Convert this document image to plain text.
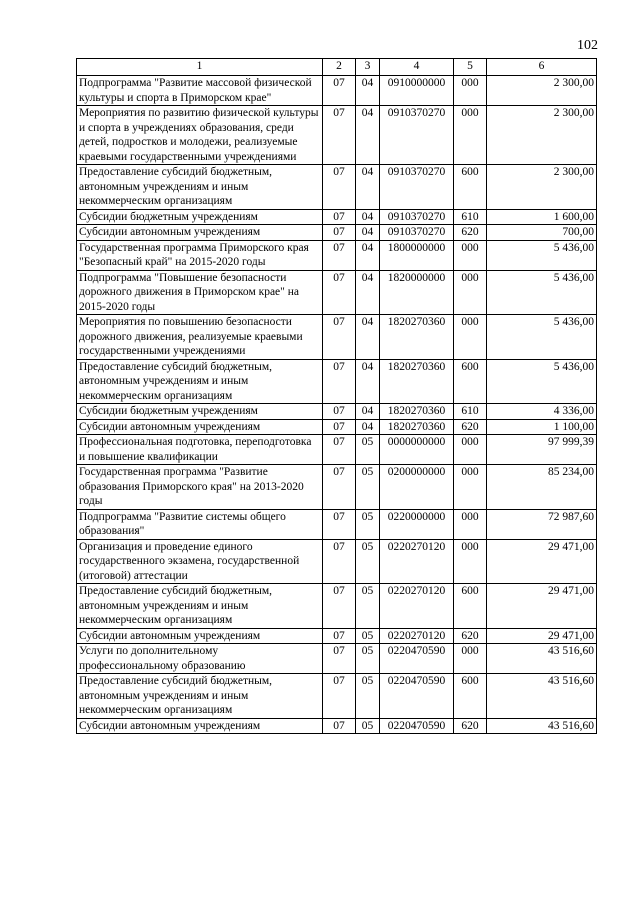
102
1	2	3	4	5	6
Подпрограмма "Развитие массовой физической культуры и спорта в Приморском крае"	07	04	0910000000	000	2 300,00
Мероприятия по развитию физической культуры и спорта в учреждениях образования, среди детей, подростков и молодежи, реализуемые краевыми государственными учреждениями	07	04	0910370270	000	2 300,00
Предоставление субсидий бюджетным, автономным учреждениям и иным некоммерческим организациям	07	04	0910370270	600	2 300,00
Субсидии бюджетным учреждениям	07	04	0910370270	610	1 600,00
Субсидии автономным учреждениям	07	04	0910370270	620	700,00
Государственная программа Приморского края "Безопасный край" на 2015-2020 годы	07	04	1800000000	000	5 436,00
Подпрограмма "Повышение безопасности дорожного движения в Приморском крае" на 2015-2020 годы	07	04	1820000000	000	5 436,00
Мероприятия по повышению безопасности дорожного движения, реализуемые краевыми государственными учреждениями	07	04	1820270360	000	5 436,00
Предоставление субсидий бюджетным, автономным учреждениям и иным некоммерческим организациям	07	04	1820270360	600	5 436,00
Субсидии бюджетным учреждениям	07	04	1820270360	610	4 336,00
Субсидии автономным учреждениям	07	04	1820270360	620	1 100,00
Профессиональная подготовка, переподготовка и повышение квалификации	07	05	0000000000	000	97 999,39
Государственная программа "Развитие образования Приморского края" на 2013-2020 годы	07	05	0200000000	000	85 234,00
Подпрограмма "Развитие системы общего образования"	07	05	0220000000	000	72 987,60
Организация и проведение единого государственного экзамена, государственной (итоговой) аттестации	07	05	0220270120	000	29 471,00
Предоставление субсидий бюджетным, автономным учреждениям и иным некоммерческим организациям	07	05	0220270120	600	29 471,00
Субсидии автономным учреждениям	07	05	0220270120	620	29 471,00
Услуги по дополнительному профессиональному образованию	07	05	0220470590	000	43 516,60
Предоставление субсидий бюджетным, автономным учреждениям и иным некоммерческим организациям	07	05	0220470590	600	43 516,60
Субсидии автономным учреждениям	07	05	0220470590	620	43 516,60
